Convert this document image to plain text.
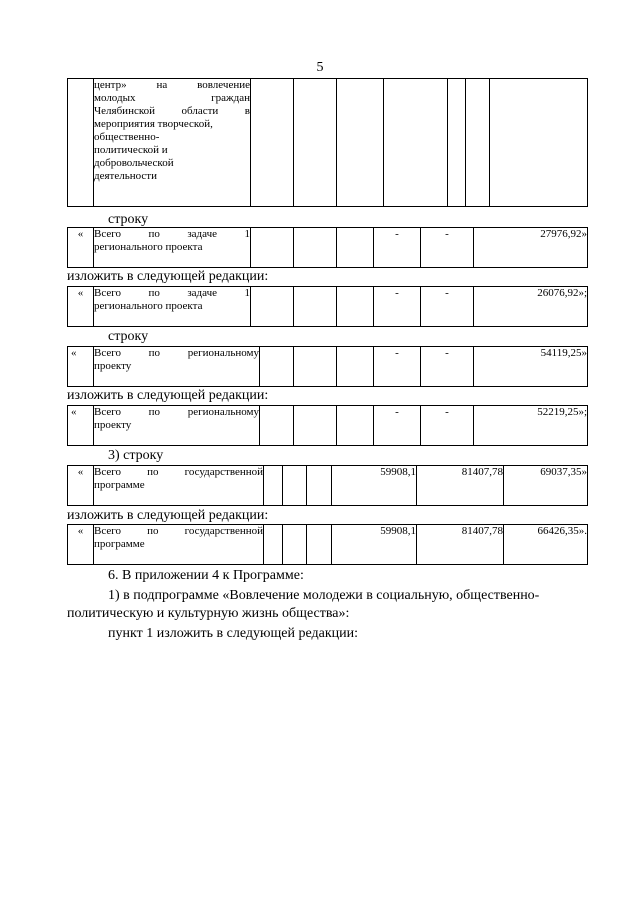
5

центр»	на	вовлечение
молодых	граждан
Челябинской области в
мероприятия творческой,
общественно-
политической и
добровольческой
деятельности

строку
«	Всего по задаче 1
регионального проекта
				-	-	27976,92»
изложить в следующей редакции:
«	Всего по задаче 1
регионального проекта
				-	-	26076,92»;
строку
«	Всего	по	региональному
проекту
				-	-	54119,25»
изложить в следующей редакции:
«	Всего	по	региональному
проекту
				-	-	52219,25»;
3) строку
«	Всего по государственной
программе
				59908,1	81407,78	69037,35»
изложить в следующей редакции:
«	Всего по государственной
программе
				59908,1	81407,78	66426,35».
6. В приложении 4 к Программе:
1) в подпрограмме «Вовлечение молодежи в социальную, общественно-
политическую и культурную жизнь общества»:
пункт 1 изложить в следующей редакции:
